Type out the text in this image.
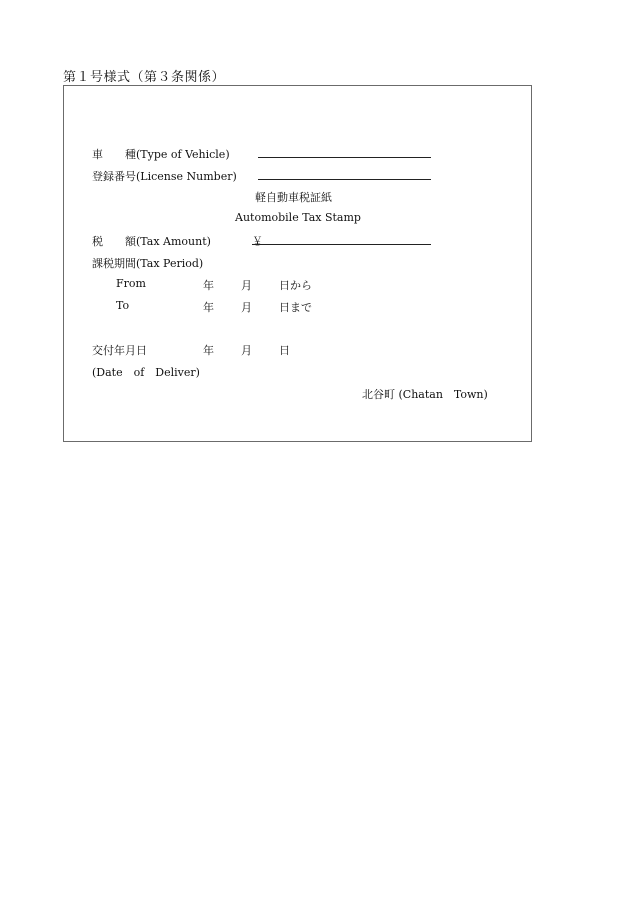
第１号様式（第３条関係）
車　　種(Type of Vehicle)
登録番号(License Number)
軽自動車税証紙
Automobile Tax Stamp
税　　額(Tax Amount)	￥
課税期間(Tax Period)
From	年 月 日から
To	年 月 日まで
交付年月日	年 月 日
(Date　of　Deliver)
北谷町 (Chatan　Town)
